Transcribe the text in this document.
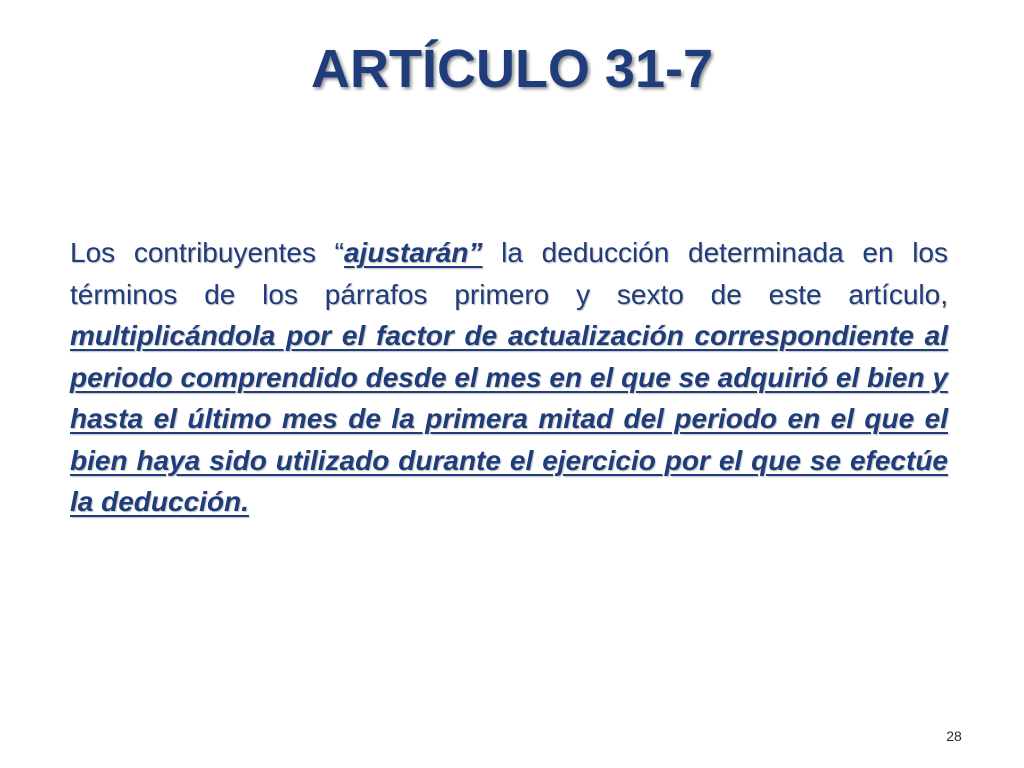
ARTÍCULO 31-7

Los contribuyentes “ajustarán” la deducción determinada en los términos de los párrafos primero y sexto de este artículo, multiplicándola por el factor de actualización correspondiente al periodo comprendido desde el mes en el que se adquirió el bien y hasta el último mes de la primera mitad del periodo en el que el bien haya sido utilizado durante el ejercicio por el que se efectúe la deducción.

28
